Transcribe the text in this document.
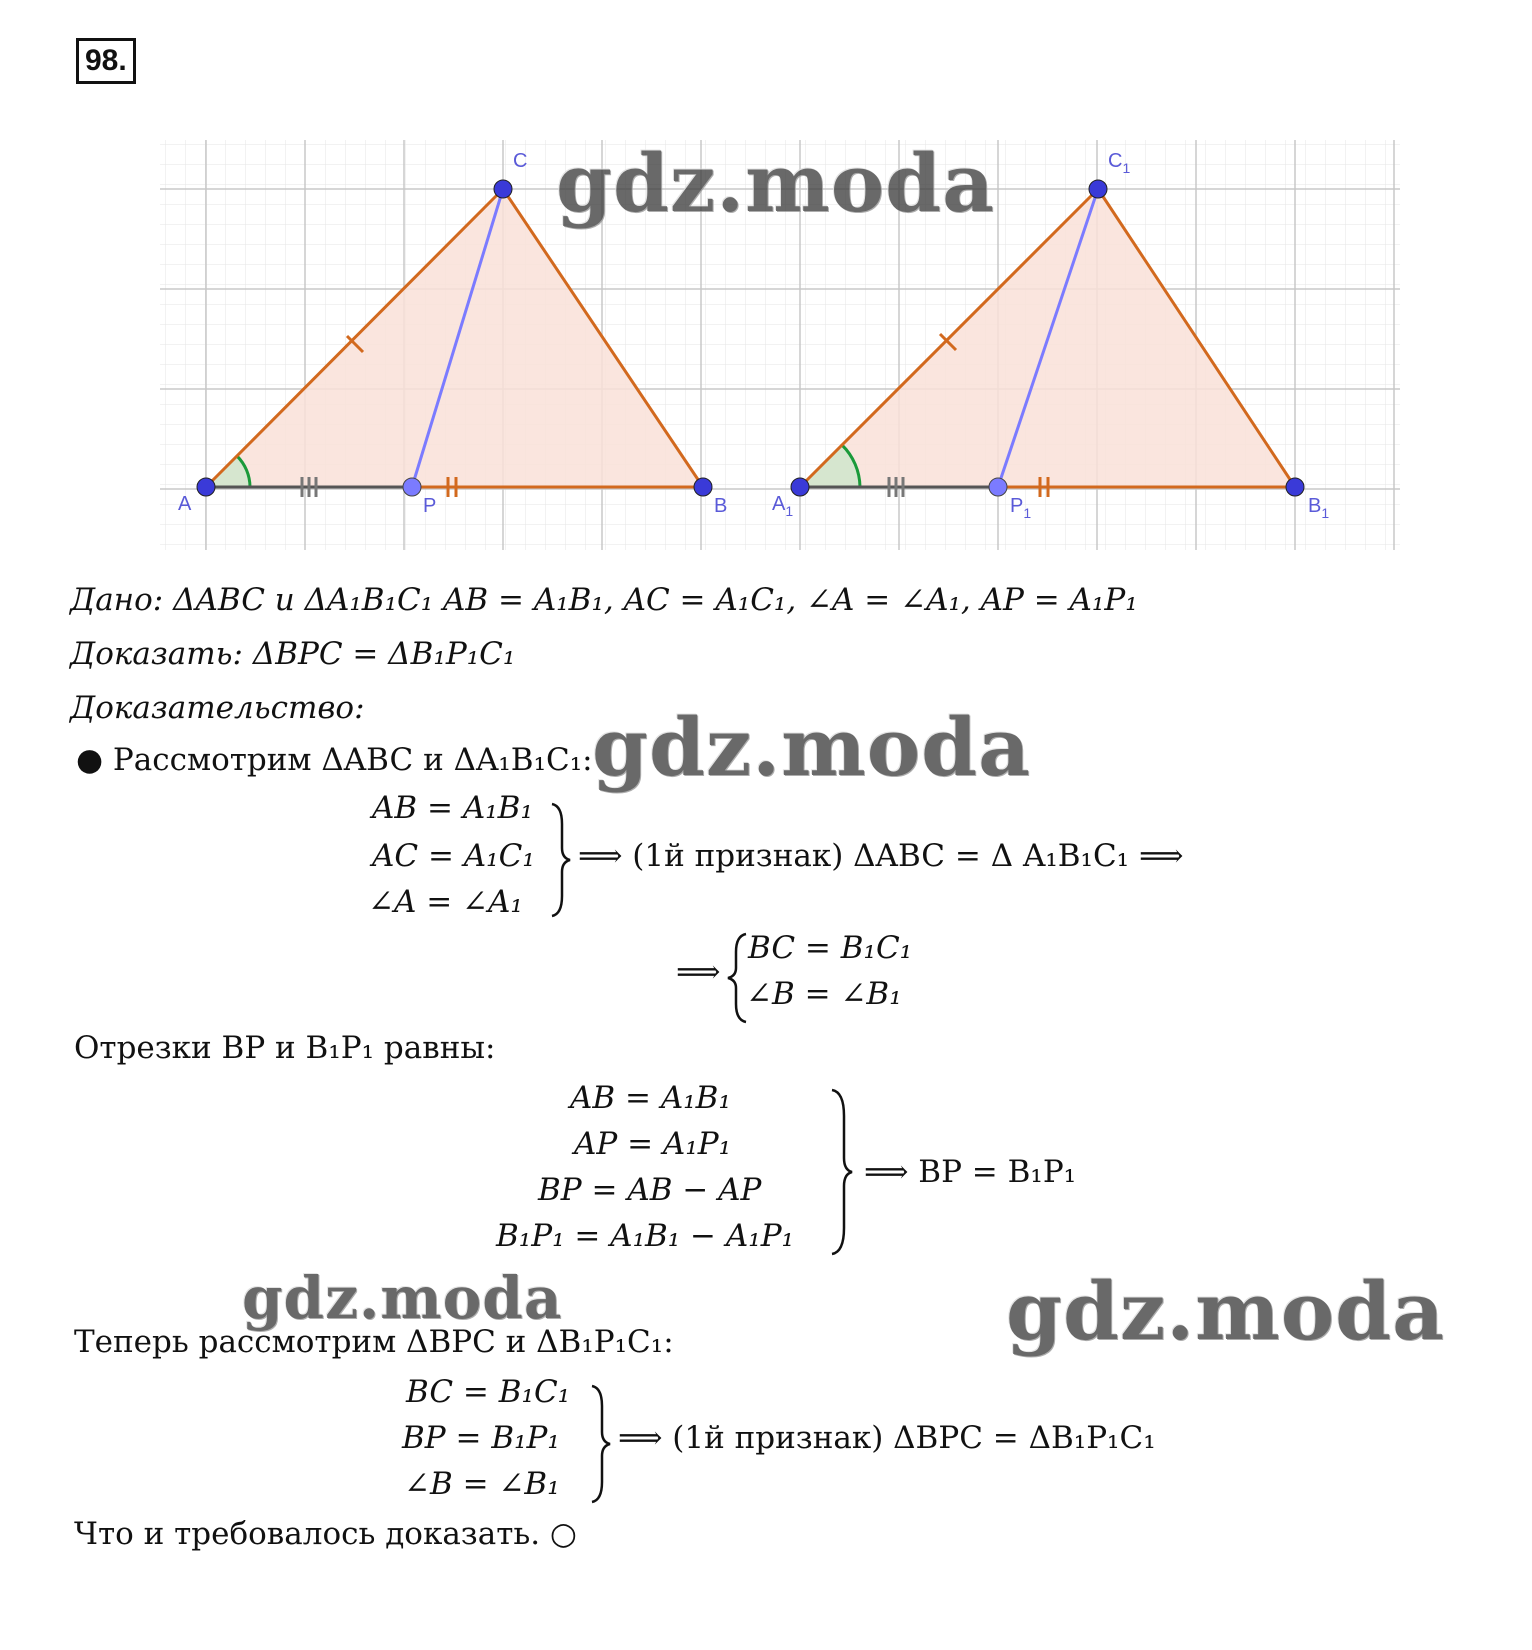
98.
A
C
B
P	$A_1$
$C_1$
$B_1$
$P_1$
Дано: ΔABC и ΔA₁B₁C₁ AB = A₁B₁, AC = A₁C₁, ∠A = ∠A₁, AP = A₁P₁
Доказать: ΔBPC = ΔB₁P₁C₁
Доказательство:
● Рассмотрим ΔABC и ΔA₁B₁C₁:
AB = A₁B₁
AC = A₁C₁
∠A = ∠A₁
⟹ (1й признак) ΔABC = Δ A₁B₁C₁ ⟹
⟹
BC = B₁C₁
∠B = ∠B₁
Отрезки BP и B₁P₁ равны:
AB = A₁B₁
AP = A₁P₁
BP = AB − AP
B₁P₁ = A₁B₁ − A₁P₁
⟹ BP = B₁P₁
Теперь рассмотрим ΔBPC и ΔB₁P₁C₁:
BC = B₁C₁
BP = B₁P₁
∠B = ∠B₁
⟹ (1й признак) ΔBPC = ΔB₁P₁C₁
Что и требовалось доказать. ○
gdz.moda
gdz.moda
gdz.moda	gdz.moda
